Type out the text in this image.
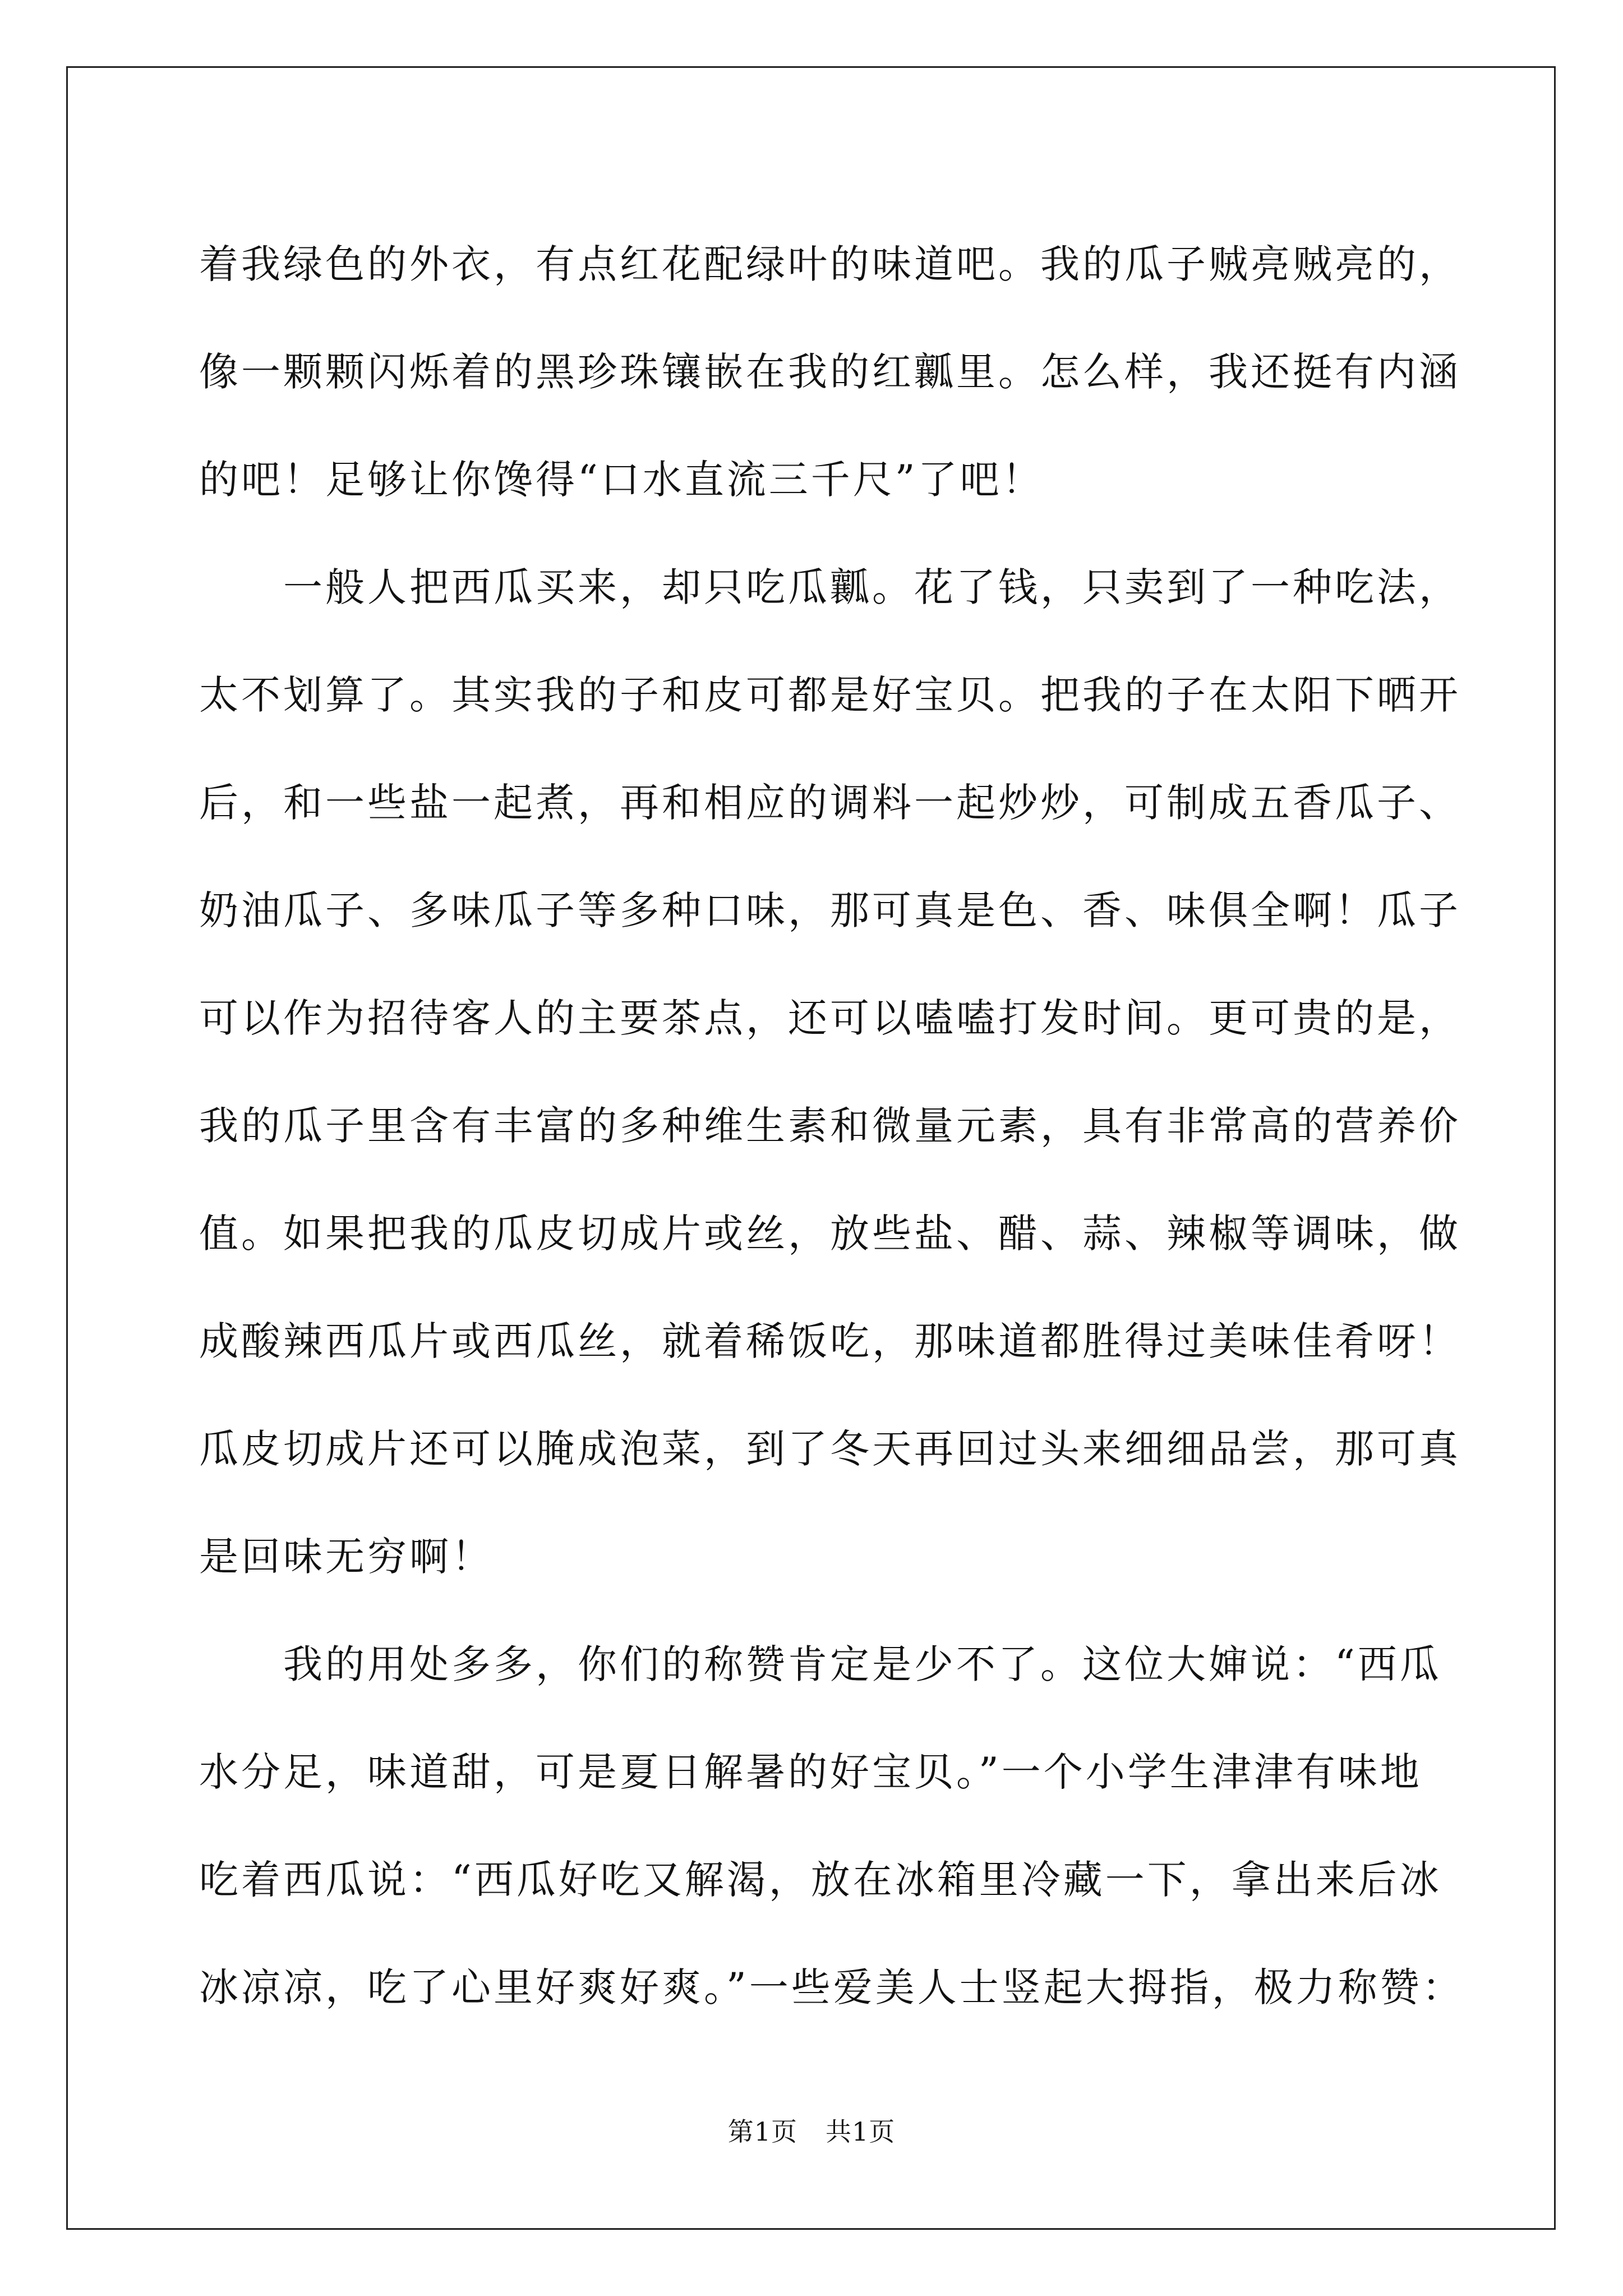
着我绿色的外衣，有点红花配绿叶的味道吧。我的瓜子贼亮贼亮的，
像一颗颗闪烁着的黑珍珠镶嵌在我的红瓤里。怎么样，我还挺有内涵
的吧！足够让你馋得“口水直流三千尺”了吧！
一般人把西瓜买来，却只吃瓜瓤。花了钱，只卖到了一种吃法，
太不划算了。其实我的子和皮可都是好宝贝。把我的子在太阳下晒开
后，和一些盐一起煮，再和相应的调料一起炒炒，可制成五香瓜子、
奶油瓜子、多味瓜子等多种口味，那可真是色、香、味俱全啊！瓜子
可以作为招待客人的主要茶点，还可以嗑嗑打发时间。更可贵的是，
我的瓜子里含有丰富的多种维生素和微量元素，具有非常高的营养价
值。如果把我的瓜皮切成片或丝，放些盐、醋、蒜、辣椒等调味，做
成酸辣西瓜片或西瓜丝，就着稀饭吃，那味道都胜得过美味佳肴呀！
瓜皮切成片还可以腌成泡菜，到了冬天再回过头来细细品尝，那可真
是回味无穷啊！
我的用处多多，你们的称赞肯定是少不了。这位大婶说：“西瓜
水分足，味道甜，可是夏日解暑的好宝贝。”一个小学生津津有味地
吃着西瓜说：“西瓜好吃又解渴，放在冰箱里冷藏一下，拿出来后冰
冰凉凉，吃了心里好爽好爽。”一些爱美人士竖起大拇指，极力称赞：
第1页 共1页
